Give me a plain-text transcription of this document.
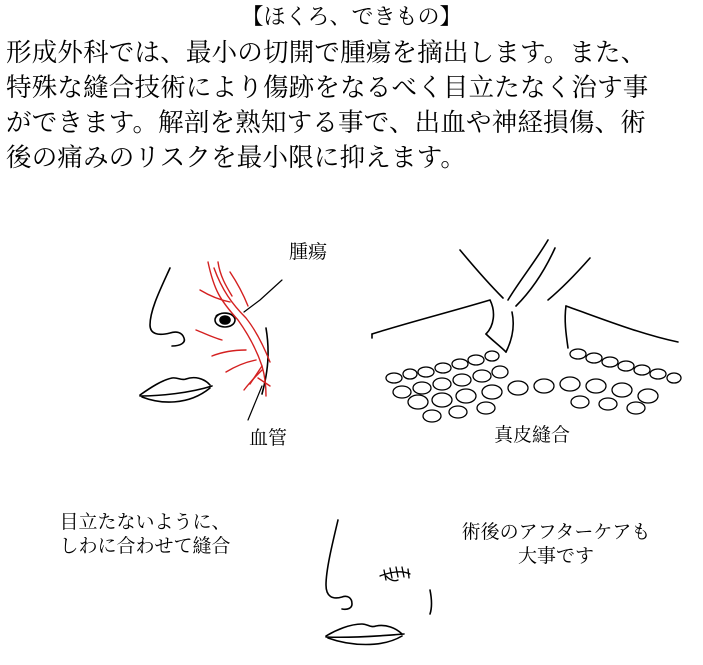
【ほくろ、できもの】
形成外科では、最小の切開で腫瘍を摘出します。また、
特殊な縫合技術により傷跡をなるべく目立たなく治す事
ができます。解剖を熟知する事で、出血や神経損傷、術
後の痛みのリスクを最小限に抑えます。
腫瘍
血管	真皮縫合
目立たないように、
しわに合わせて縫合
術後のアフターケアも
大事です
